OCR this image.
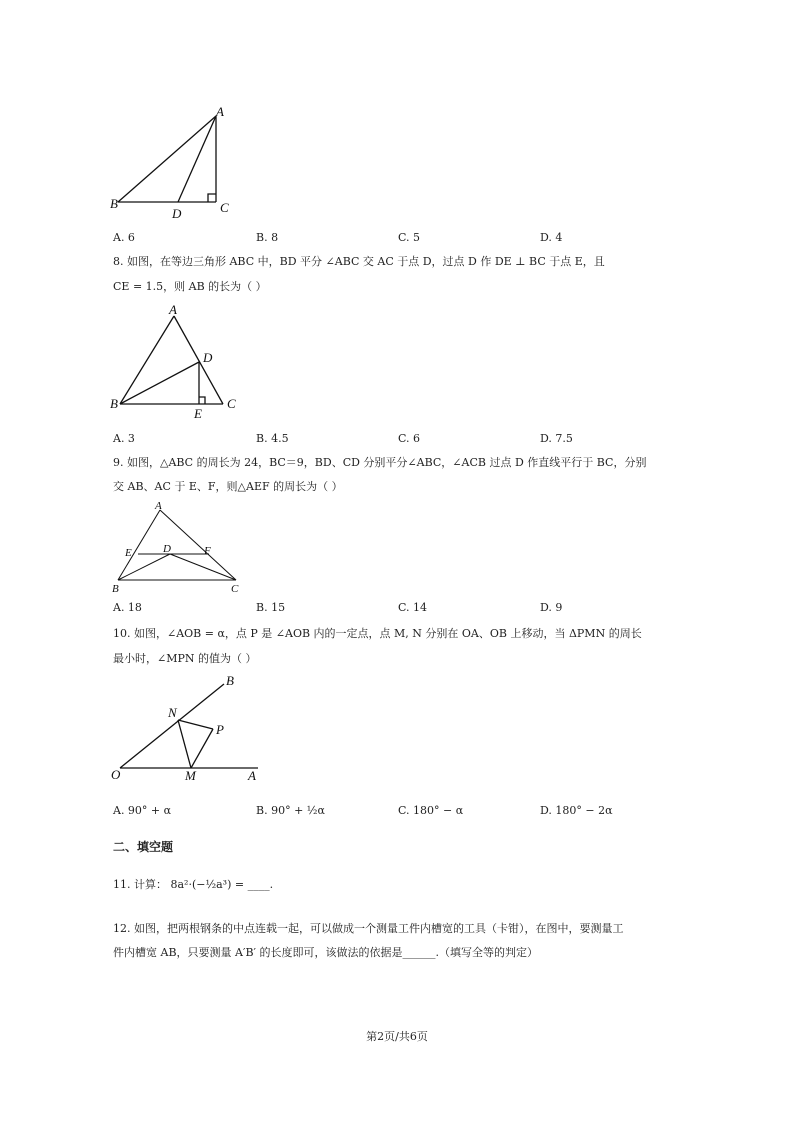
A
B
D	C
A. 6	B. 8	C. 5	D. 4
8. 如图，在等边三角形 ABC 中，BD 平分 ∠ABC 交 AC 于点 D，过点 D 作 DE ⊥ BC 于点 E，且
CE = 1.5，则 AB 的长为（ ）
A
B
D
E
C
A. 3	B. 4.5	C. 6	D. 7.5
9. 如图，△ABC 的周长为 24，BC＝9，BD、CD 分别平分∠ABC，∠ACB 过点 D 作直线平行于 BC，分别
交 AB、AC 于 E、F，则△AEF 的周长为（ ）
A
E	D	F
B	C
A. 18	B. 15	C. 14	D. 9
10. 如图，∠AOB = α，点 P 是 ∠AOB 内的一定点，点 M, N 分别在 OA、OB 上移动，当 ΔPMN 的周长
最小时，∠MPN 的值为（ ）
B
N
P
O	M	A
A. 90° + α	B. 90° + ½α	C. 180° − α	D. 180° − 2α
二、填空题
11. 计算： 8a²·(−½a³) = ____.
12. 如图，把两根钢条的中点连载一起，可以做成一个测量工件内槽宽的工具（卡钳），在图中，要测量工
件内槽宽 AB，只要测量 A′B′ 的长度即可，该做法的依据是______.（填写全等的判定）
第2页/共6页
